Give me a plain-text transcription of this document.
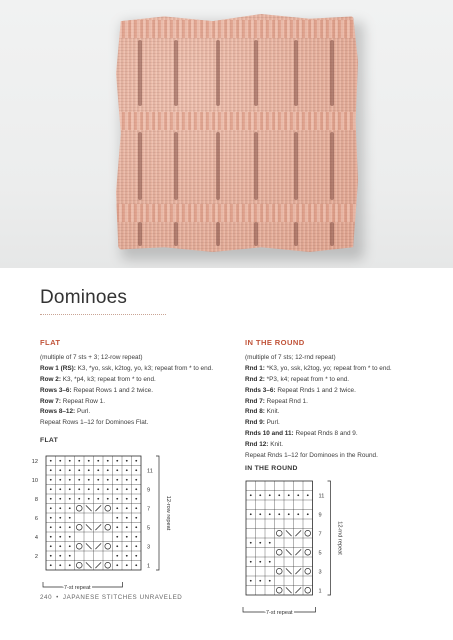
Dominoes
FLAT
(multiple of 7 sts + 3; 12-row repeat)
Row 1 (RS): K3, *yo, ssk, k2tog, yo, k3; repeat from * to end.
Row 2: K3, *p4, k3; repeat from * to end.
Rows 3–6: Repeat Rows 1 and 2 twice.
Row 7: Repeat Row 1.
Rows 8–12: Purl.
Repeat Rows 1–12 for Dominoes Flat.
IN THE ROUND
(multiple of 7 sts; 12-rnd repeat)
Rnd 1: *K3, yo, ssk, k2tog, yo; repeat from * to end.
Rnd 2: *P3, k4; repeat from * to end.
Rnds 3–6: Repeat Rnds 1 and 2 twice.
Rnd 7: Repeat Rnd 1.
Rnd 8: Knit.
Rnd 9: Purl.
Rnds 10 and 11: Repeat Rnds 8 and 9.
Rnd 12: Knit.
Repeat Rnds 1–12 for Dominoes in the Round.
FLAT
IN THE ROUND
12
10
8
6
4
2
11
9
7
5
3
1
12-row repeat
7-st repeat
11
9
7
5
3
1
12-rnd repeat
7-st repeat
240 • JAPANESE STITCHES UNRAVELED
